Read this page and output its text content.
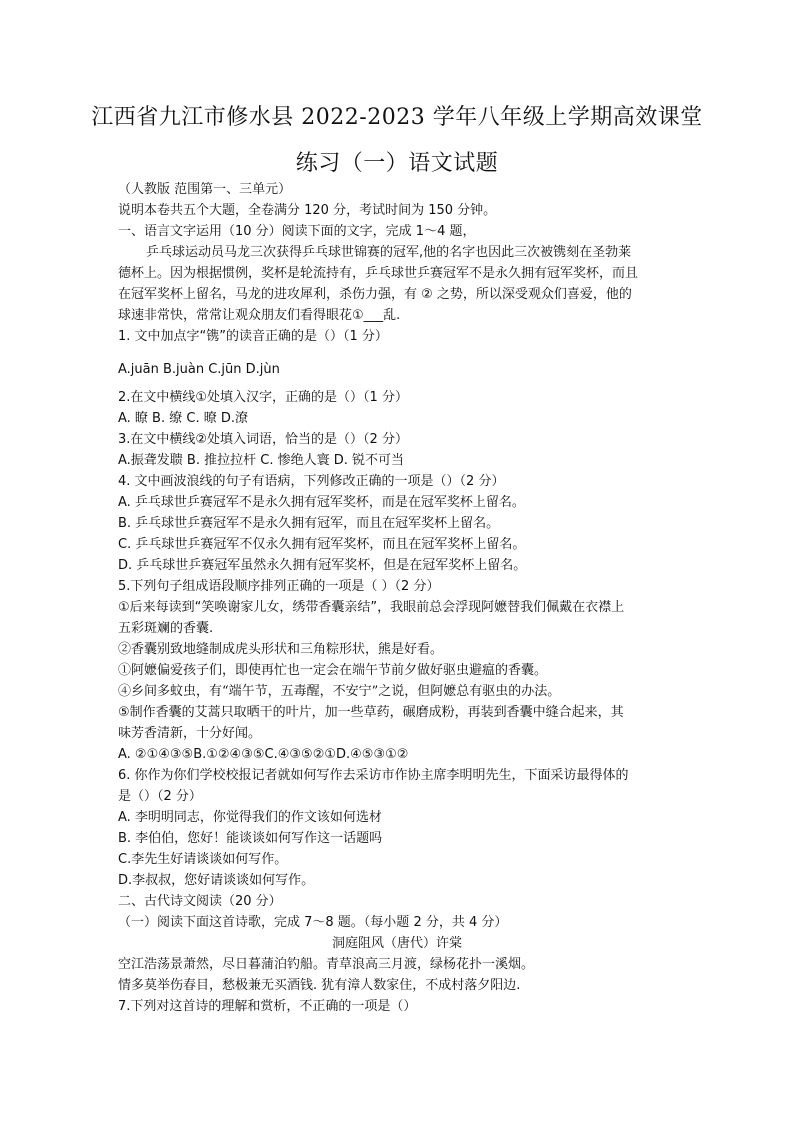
江西省九江市修水县 2022-2023 学年八年级上学期高效课堂
练习（一）语文试题
（人教版 范围第一、三单元）
说明本卷共五个大题，全卷满分 120 分，考试时间为 150 分钟。
一、语言文字运用（10 分）阅读下面的文字，完成 1～4 题，
乒乓球运动员马龙三次获得乒乓球世锦赛的冠军,他的名字也因此三次被镌刻在圣勃莱
德杯上。因为根据惯例，奖杯是轮流持有，乒乓球世乒赛冠军不是永久拥有冠军奖杯，而且
在冠军奖杯上留名，马龙的进攻犀利，杀伤力强，有 ② 之势，所以深受观众们喜爱，他的
球速非常快，常常让观众朋友们看得眼花①___乱.
1. 文中加点字“镌”的读音正确的是（）（1 分）
A.juān B.juàn C.jūn D.jùn
2.在文中横线①处填入汉字，正确的是（）（1 分）
A. 瞭 B. 缭 C. 暸 D.潦
3.在文中横线②处填入词语，恰当的是（）（2 分）
A.振聋发聩 B. 推拉拉杆 C. 惨绝人寰 D. 锐不可当
4. 文中画波浪线的句子有语病，下列修改正确的一项是（）（2 分）
A. 乒乓球世乒赛冠军不是永久拥有冠军奖杯，而是在冠军奖杯上留名。
B. 乒乓球世乒赛冠军不是永久拥有冠军，而且在冠军奖杯上留名。
C. 乒乓球世乒赛冠军不仅永久拥有冠军奖杯，而且在冠军奖杯上留名。
D. 乒乓球世乒赛冠军虽然永久拥有冠军奖杯，但是在冠军奖杯上留名。
5.下列句子组成语段顺序排列正确的一项是（ ）（2 分）
①后来每读到“笑唤谢家儿女，绣带香囊亲结”，我眼前总会浮现阿嬷替我们佩戴在衣襟上
五彩斑斓的香囊.
②香囊别致地缝制成虎头形状和三角粽形状，熊是好看。
①阿嬷偏爱孩子们，即使再忙也一定会在端午节前夕做好驱虫避瘟的香囊。
④乡间多蚊虫，有“端午节，五毒醒，不安宁”之说，但阿嬷总有驱虫的办法。
⑤制作香囊的艾蒿只取晒干的叶片，加一些草药，碾磨成粉，再装到香囊中缝合起来，其
味芳香清新，十分好闻。
A. ②①④③⑤B.①②④③⑤C.④③⑤②①D.④⑤③①②
6. 你作为你们学校校报记者就如何写作去采访市作协主席李明明先生，下面采访最得体的
是（）（2 分）
A. 李明明同志，你觉得我们的作文该如何选材
B. 李伯伯，您好！能谈谈如何写作这一话题吗
C.李先生好请谈谈如何写作。
D.李叔叔，您好请谈谈如何写作。
二、古代诗文阅读（20 分）
（一）阅读下面这首诗歌，完成 7～8 题。（每小题 2 分，共 4 分）
洞庭阻风（唐代）许棠
空江浩荡景萧然，尽日暮蒲泊钓船。青草浪高三月渡，绿杨花扑一溪烟。
情多莫举伤春目，愁极兼无买酒钱. 犹有漳人数家住，不成村落夕阳边.
7.下列对这首诗的理解和赏析，不正确的一项是（）
